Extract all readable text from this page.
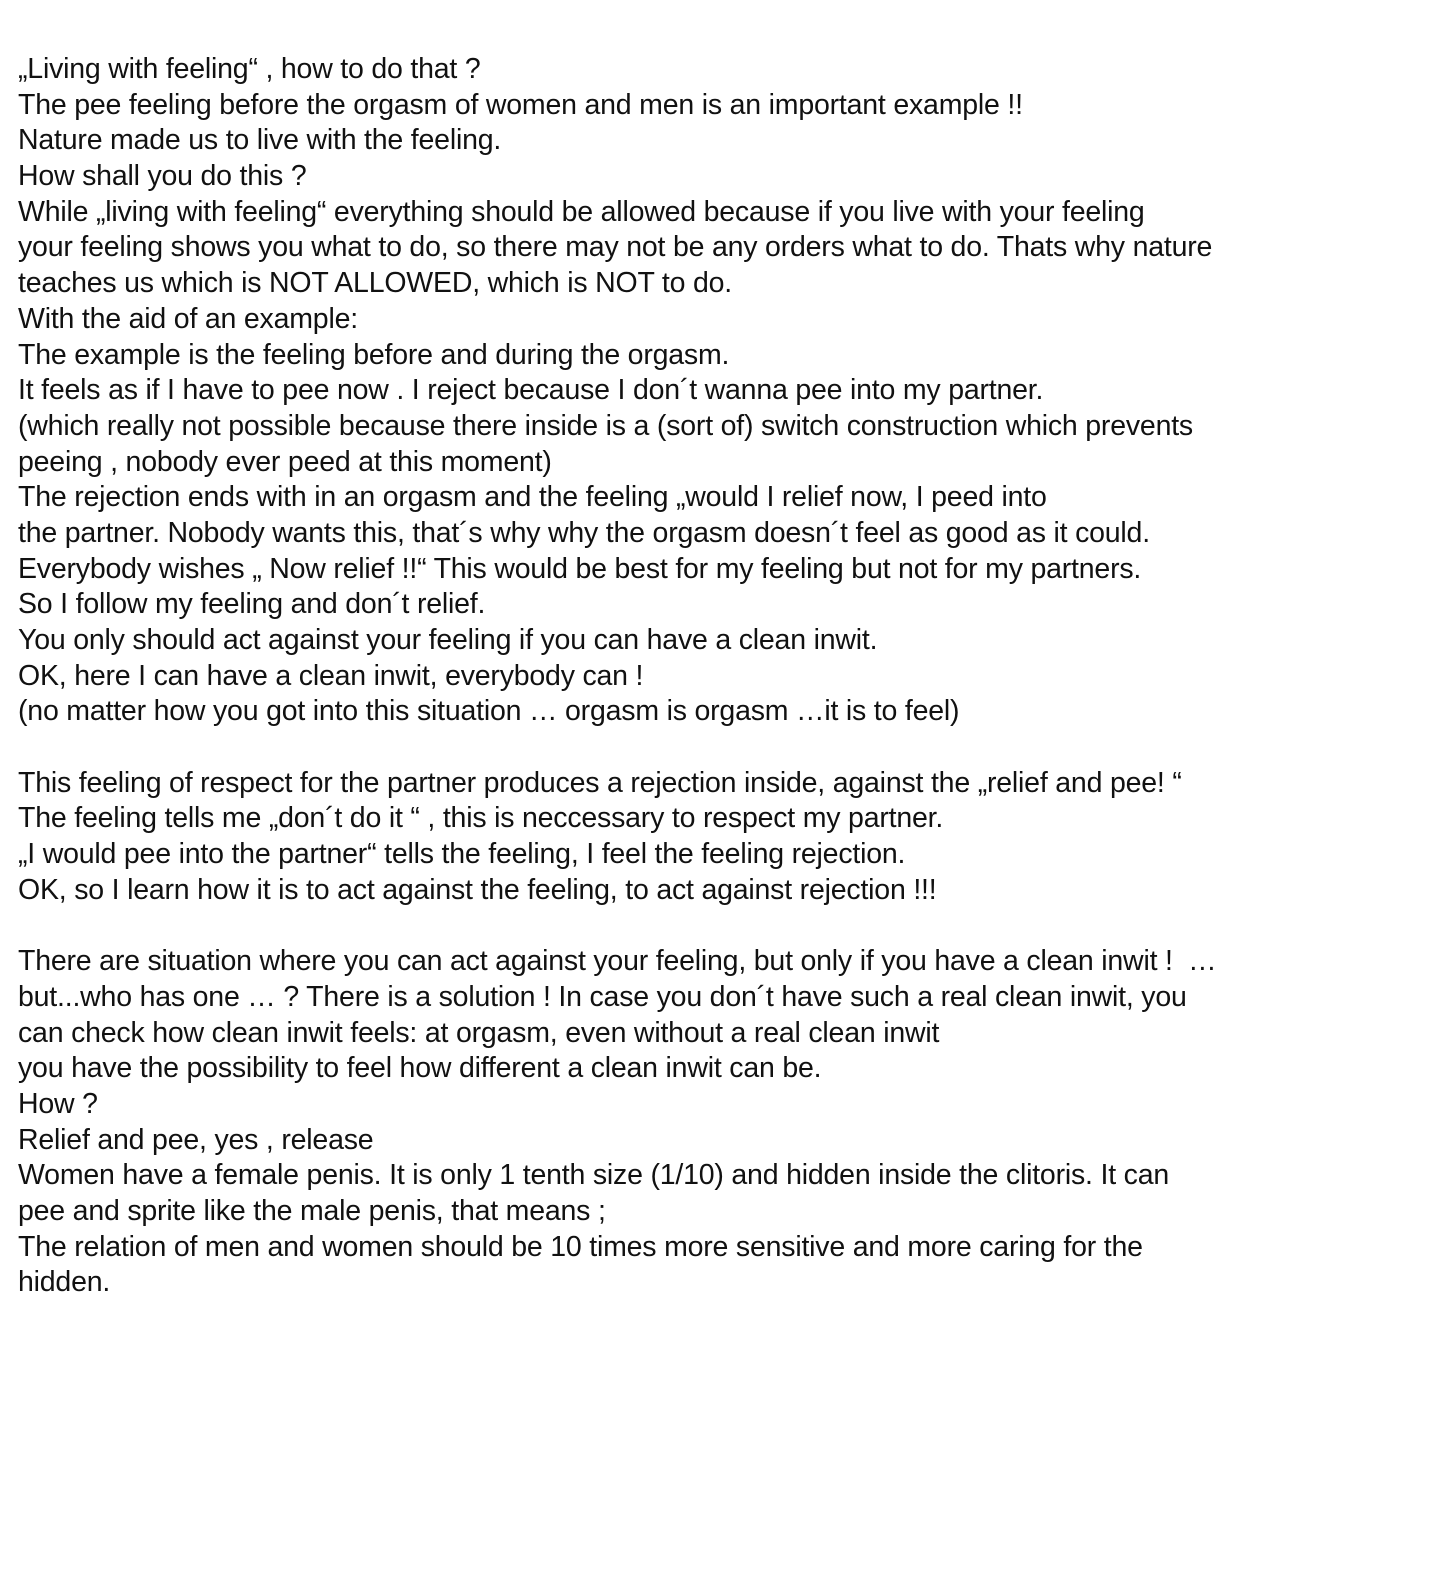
„Living with feeling“ , how to do that ?
The pee feeling before the orgasm of women and men is an important example !!
Nature made us to live with the feeling.
How shall you do this ?
While „living with feeling“ everything should be allowed because if you live with your feeling
your feeling shows you what to do, so there may not be any orders what to do. Thats why nature
teaches us which is NOT ALLOWED, which is NOT to do.
With the aid of an example:
The example is the feeling before and during the orgasm.
It feels as if I have to pee now . I reject because I don´t wanna pee into my partner.
(which really not possible because there inside is a (sort of) switch construction which prevents
peeing , nobody ever peed at this moment)
The rejection ends with in an orgasm and the feeling „would I relief now, I peed into
the partner. Nobody wants this, that´s why why the orgasm doesn´t feel as good as it could.
Everybody wishes „ Now relief !!“ This would be best for my feeling but not for my partners.
So I follow my feeling and don´t relief.
You only should act against your feeling if you can have a clean inwit.
OK, here I can have a clean inwit, everybody can !
(no matter how you got into this situation … orgasm is orgasm …it is to feel)
This feeling of respect for the partner produces a rejection inside, against the „relief and pee! “
The feeling tells me „don´t do it “ , this is neccessary to respect my partner.
„I would pee into the partner“ tells the feeling, I feel the feeling rejection.
OK, so I learn how it is to act against the feeling, to act against rejection !!!
There are situation where you can act against your feeling, but only if you have a clean inwit !  …
but...who has one … ? There is a solution ! In case you don´t have such a real clean inwit, you
can check how clean inwit feels: at orgasm, even without a real clean inwit
you have the possibility to feel how different a clean inwit can be.
How ?
Relief and pee, yes , release
Women have a female penis. It is only 1 tenth size (1/10) and hidden inside the clitoris. It can
pee and sprite like the male penis, that means ;
The relation of men and women should be 10 times more sensitive and more caring for the
hidden.
